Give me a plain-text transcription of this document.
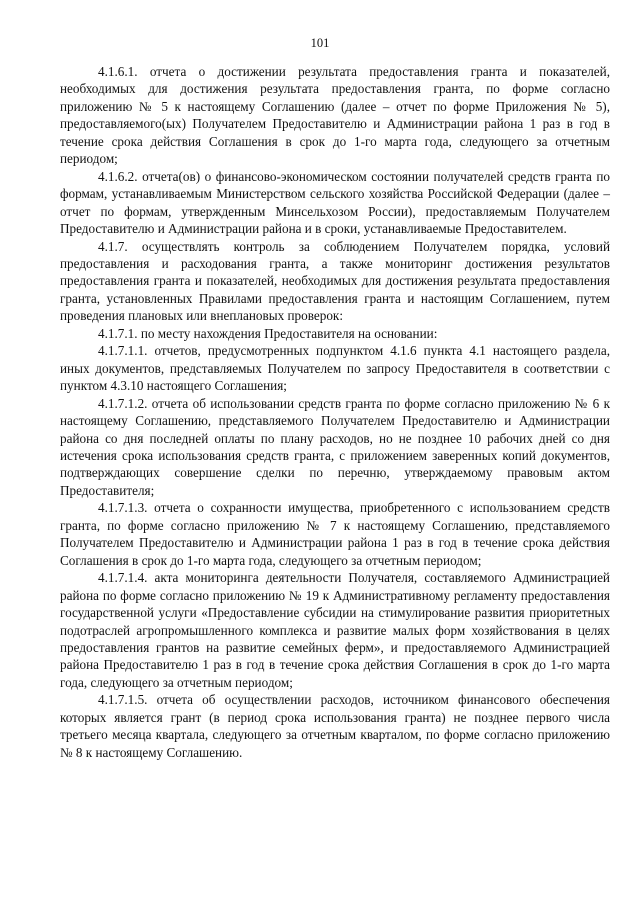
101

4.1.6.1. отчета о достижении результата предоставления гранта и показателей, необходимых для достижения результата предоставления гранта, по форме согласно приложению № 5 к настоящему Соглашению (далее – отчет по форме Приложения № 5), предоставляемого(ых) Получателем Предоставителю и Администрации района 1 раз в год в течение срока действия Соглашения в срок до 1-го марта года, следующего за отчетным периодом;

4.1.6.2. отчета(ов) о финансово-экономическом состоянии получателей средств гранта по формам, устанавливаемым Министерством сельского хозяйства Российской Федерации (далее – отчет по формам, утвержденным Минсельхозом России), предоставляемым Получателем Предоставителю и Администрации района и в сроки, устанавливаемые Предоставителем.

4.1.7. осуществлять контроль за соблюдением Получателем порядка, условий предоставления и расходования гранта, а также мониторинг достижения результатов предоставления гранта и показателей, необходимых для достижения результата предоставления гранта, установленных Правилами предоставления гранта и настоящим Соглашением, путем проведения плановых или внеплановых проверок:

4.1.7.1. по месту нахождения Предоставителя на основании:

4.1.7.1.1. отчетов, предусмотренных подпунктом 4.1.6 пункта 4.1 настоящего раздела, иных документов, представляемых Получателем по запросу Предоставителя в соответствии с пунктом 4.3.10 настоящего Соглашения;

4.1.7.1.2. отчета об использовании средств гранта по форме согласно приложению № 6 к настоящему Соглашению, представляемого Получателем Предоставителю и Администрации района со дня последней оплаты по плану расходов, но не позднее 10 рабочих дней со дня истечения срока использования средств гранта, с приложением заверенных копий документов, подтверждающих совершение сделки по перечню, утверждаемому правовым актом Предоставителя;

4.1.7.1.3. отчета о сохранности имущества, приобретенного с использованием средств гранта, по форме согласно приложению № 7 к настоящему Соглашению, представляемого Получателем Предоставителю и Администрации района 1 раз в год в течение срока действия Соглашения в срок до 1-го марта года, следующего за отчетным периодом;

4.1.7.1.4. акта мониторинга деятельности Получателя, составляемого Администрацией района по форме согласно приложению № 19 к Административному регламенту предоставления государственной услуги «Предоставление субсидии на стимулирование развития приоритетных подотраслей агропромышленного комплекса и развитие малых форм хозяйствования в целях предоставления грантов на развитие семейных ферм», и предоставляемого Администрацией района Предоставителю 1 раз в год в течение срока действия Соглашения в срок до 1-го марта года, следующего за отчетным периодом;

4.1.7.1.5. отчета об осуществлении расходов, источником финансового обеспечения которых является грант (в период срока использования гранта) не позднее первого числа третьего месяца квартала, следующего за отчетным кварталом, по форме согласно приложению № 8 к настоящему Соглашению.
